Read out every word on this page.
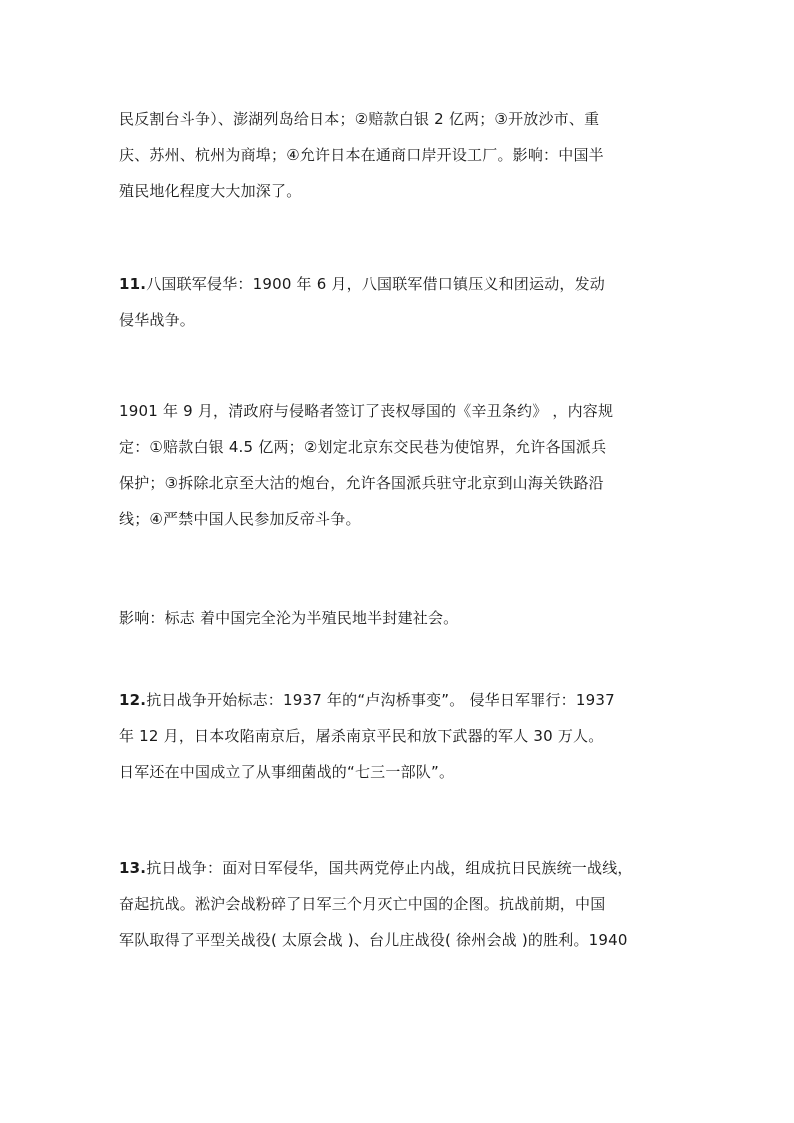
民反割台斗争）、澎湖列岛给日本；②赔款白银 2 亿两；③开放沙市、重
庆、苏州、杭州为商埠；④允许日本在通商口岸开设工厂。影响：中国半
殖民地化程度大大加深了。

11.八国联军侵华：1900 年 6 月，八国联军借口镇压义和团运动，发动
侵华战争。

1901 年 9 月，清政府与侵略者签订了丧权辱国的《辛丑条约》 ，内容规
定：①赔款白银 4.5 亿两；②划定北京东交民巷为使馆界，允许各国派兵
保护；③拆除北京至大沽的炮台，允许各国派兵驻守北京到山海关铁路沿
线；④严禁中国人民参加反帝斗争。

影响：标志 着中国完全沦为半殖民地半封建社会。

12.抗日战争开始标志：1937 年的“卢沟桥事变”。 侵华日军罪行：1937
年 12 月，日本攻陷南京后，屠杀南京平民和放下武器的军人 30 万人。
日军还在中国成立了从事细菌战的“七三一部队”。

13.抗日战争：面对日军侵华，国共两党停止内战，组成抗日民族统一战线，
奋起抗战。淞沪会战粉碎了日军三个月灭亡中国的企图。抗战前期，中国
军队取得了平型关战役( 太原会战 )、台儿庄战役( 徐州会战 )的胜利。1940
